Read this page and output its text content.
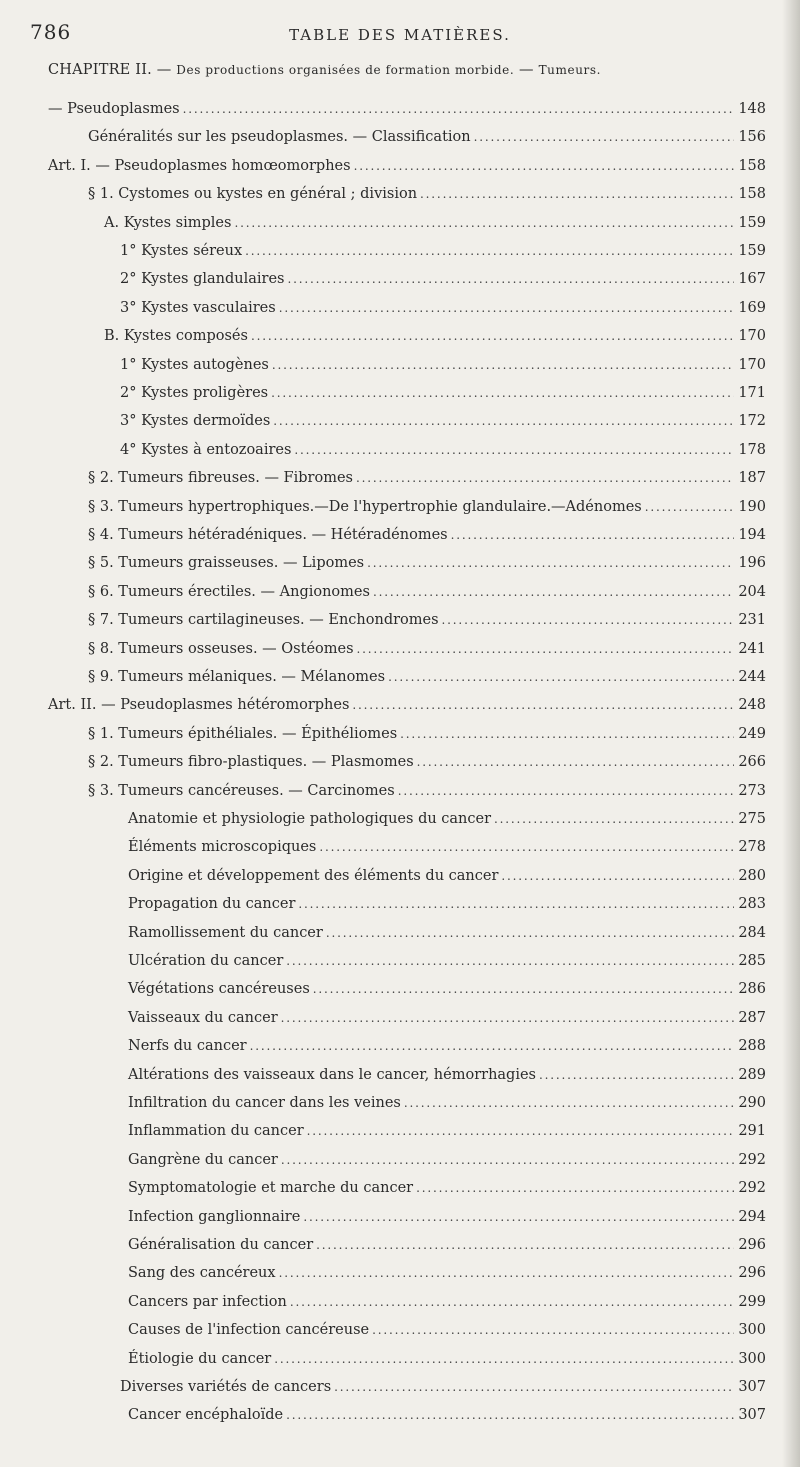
786	TABLE DES MATIÈRES.
CHAPITRE II. — Des productions organisées de formation morbide. — Tumeurs.
— Pseudoplasmes . . .	148
Généralités sur les pseudoplasmes. — Classification . . .	156
Art. I. — Pseudoplasmes homœomorphes . . .	158
§ 1. Cystomes ou kystes en général ; division . . .	158
A. Kystes simples . . .	159
1° Kystes séreux . . .	159
2° Kystes glandulaires . . .	167
3° Kystes vasculaires . . .	169
B. Kystes composés . . .	170
1° Kystes autogènes . . .	170
2° Kystes proligères . . .	171
3° Kystes dermoïdes . . .	172
4° Kystes à entozoaires . . .	178
§ 2. Tumeurs fibreuses. — Fibromes . . .	187
§ 3. Tumeurs hypertrophiques.—De l'hypertrophie glandulaire.—Adénomes . . .	190
§ 4. Tumeurs hétéradéniques. — Hétéradénomes . . .	194
§ 5. Tumeurs graisseuses. — Lipomes . . .	196
§ 6. Tumeurs érectiles. — Angionomes . . .	204
§ 7. Tumeurs cartilagineuses. — Enchondromes . . .	231
§ 8. Tumeurs osseuses. — Ostéomes . . .	241
§ 9. Tumeurs mélaniques. — Mélanomes . . .	244
Art. II. — Pseudoplasmes hétéromorphes . . .	248
§ 1. Tumeurs épithéliales. — Épithéliomes . . .	249
§ 2. Tumeurs fibro-plastiques. — Plasmomes . . .	266
§ 3. Tumeurs cancéreuses. — Carcinomes . . .	273
Anatomie et physiologie pathologiques du cancer . . .	275
Éléments microscopiques . . .	278
Origine et développement des éléments du cancer . . .	280
Propagation du cancer . . .	283
Ramollissement du cancer . . .	284
Ulcération du cancer . . .	285
Végétations cancéreuses . . .	286
Vaisseaux du cancer . . .	287
Nerfs du cancer . . .	288
Altérations des vaisseaux dans le cancer, hémorrhagies . . .	289
Infiltration du cancer dans les veines . . .	290
Inflammation du cancer . . .	291
Gangrène du cancer . . .	292
Symptomatologie et marche du cancer . . .	292
Infection ganglionnaire . . .	294
Généralisation du cancer . . .	296
Sang des cancéreux . . .	296
Cancers par infection . . .	299
Causes de l'infection cancéreuse . . .	300
Étiologie du cancer . . .	300
Diverses variétés de cancers . . .	307
Cancer encéphaloïde . . .	307
